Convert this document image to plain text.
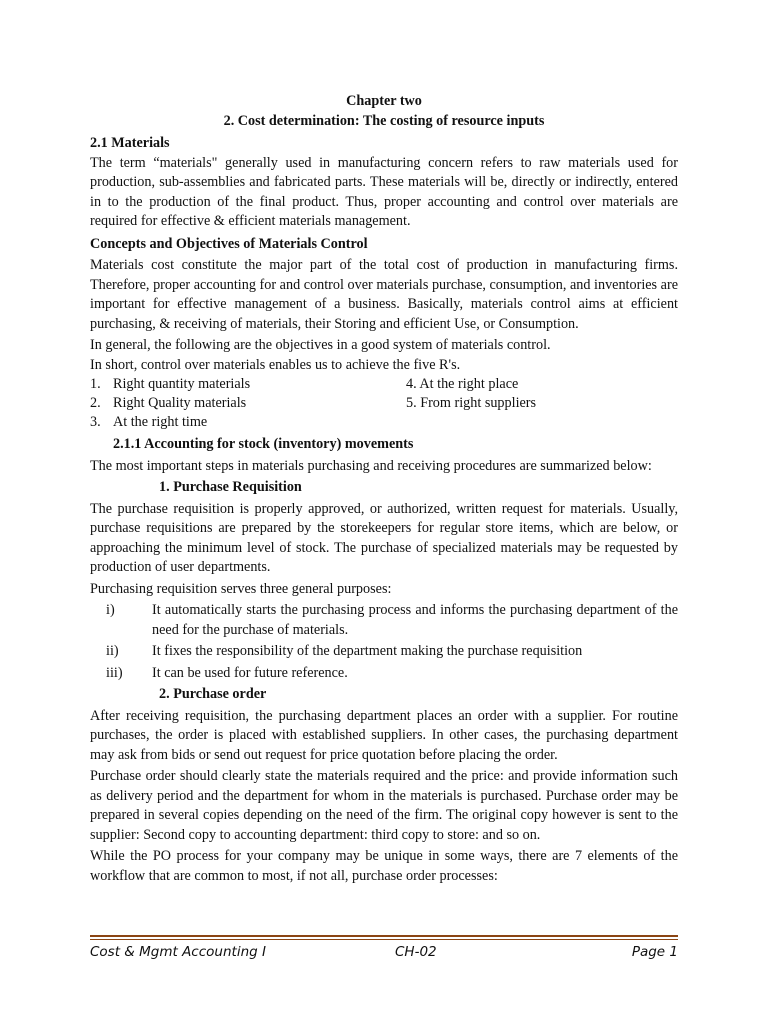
Chapter two

2. Cost determination: The costing of resource inputs

2.1 Materials

The term “materials" generally used in manufacturing concern refers to raw materials used for production, sub-assemblies and fabricated parts. These materials will be, directly or indirectly, entered in to the production of the final product. Thus, proper accounting and control over materials are required for effective & efficient materials management.

Concepts and Objectives of Materials Control

Materials cost constitute the major part of the total cost of production in manufacturing firms. Therefore, proper accounting for and control over materials purchase, consumption, and inventories are important for effective management of a business. Basically, materials control aims at efficient purchasing, & receiving of materials, their Storing and efficient Use, or Consumption.

In general, the following are the objectives in a good system of materials control.

In short, control over materials enables us to achieve the five R's.

1. Right quantity materials
2. Right Quality materials
3. At the right time
4. At the right place
5. From right suppliers

2.1.1 Accounting for stock (inventory) movements

The most important steps in materials purchasing and receiving procedures are summarized below:

1. Purchase Requisition

The purchase requisition is properly approved, or authorized, written request for materials. Usually, purchase requisitions are prepared by the storekeepers for regular store items, which are below, or approaching the minimum level of stock. The purchase of specialized materials may be requested by production of user departments.

Purchasing requisition serves three general purposes:

i)	It automatically starts the purchasing process and informs the purchasing department of the need for the purchase of materials.
ii) It fixes the responsibility of the department making the purchase requisition
iii) It can be used for future reference.

2. Purchase order

After receiving requisition, the purchasing department places an order with a supplier. For routine purchases, the order is placed with established suppliers. In other cases, the purchasing department may ask from bids or send out request for price quotation before placing the order.

Purchase order should clearly state the materials required and the price: and provide information such as delivery period and the department for whom in the materials is purchased. Purchase order may be prepared in several copies depending on the need of the firm. The original copy however is sent to the supplier: Second copy to accounting department: third copy to store: and so on.

While the PO process for your company may be unique in some ways, there are 7 elements of the workflow that are common to most, if not all, purchase order processes:

Cost & Mgmt Accounting I	CH-02	Page 1
